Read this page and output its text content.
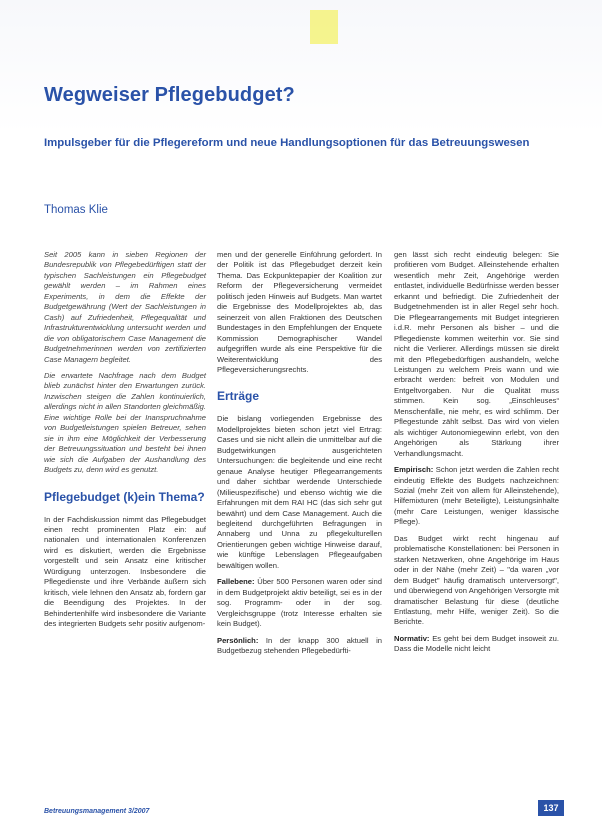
Wegweiser Pflegebudget?
Impulsgeber für die Pflegereform und neue Handlungsoptionen für das Betreuungswesen
Thomas Klie

Seit 2005 kann in sieben Regionen der Bundesrepublik von Pflegebedürftigen statt der typischen Sachleistungen ein Pflegebudget gewählt werden – im Rahmen eines Experiments, in dem die Effekte der Budgetgewährung (Wert der Sachleistungen in Cash) auf Zufriedenheit, Pflegequalität und Infrastrukturentwicklung untersucht werden und die von obligatorischem Case Management die Budgetnehmerinnen werden von zertifizierten Case Managern begleitet.

Die erwartete Nachfrage nach dem Budget blieb zunächst hinter den Erwartungen zurück. Inzwischen steigen die Zahlen kontinuierlich, allerdings nicht in allen Standorten gleichmäßig. Eine wichtige Rolle bei der Inanspruchnahme von Budgetleistungen spielen Betreuer, sehen sie in ihm eine Möglichkeit der Verbesserung der Betreuungssituation und besteht bei ihnen wie sich die Aufgaben der Aushandlung des Budgets zu, denn wird es genutzt.

Pflegebudget (k)ein Thema?

In der Fachdiskussion nimmt das Pflegebudget einen recht prominenten Platz ein: auf nationalen und internationalen Konferenzen wird es diskutiert, werden die Ergebnisse vorgestellt und sein Ansatz eine kritischer Würdigung unterzogen. Insbesondere die Pflegedienste und ihre Verbände äußern sich kritisch, viele lehnen den Ansatz ab, fordern gar die Beendigung des Projektes. In der Behindertenhilfe wird insbesondere die Variante des integrierten Budgets sehr positiv aufgenom-

men und der generelle Einführung gefordert. In der Politik ist das Pflegebudget derzeit kein Thema. Das Eckpunktepapier der Koalition zur Reform der Pflegeversicherung vermeidet politisch jeden Hinweis auf Budgets. Man wartet die Ergebnisse des Modellprojektes ab, das seinerzeit von allen Fraktionen des Deutschen Bundestages in den Empfehlungen der Enquete Kommission Demographischer Wandel aufgegriffen wurde als eine Perspektive für die Weiterentwicklung des Pflegeversicherungsrechts.

Erträge

Die bislang vorliegenden Ergebnisse des Modellprojektes bieten schon jetzt viel Ertrag: Cases und sie nicht allein die unmittelbar auf die Budgetwirkungen ausgerichteten Untersuchungen: die begleitende und eine recht genaue Analyse heutiger Pflegearrangements und daher sichtbar werdende Unterschiede (Milieuspezifische) und ebenso wichtig wie die Erfahrungen mit dem RAI HC (das sich sehr gut bewährt) und dem Case Management. Auch die begleitend durchgeführten Befragungen in Annaberg und Unna zu pflegekulturellen Orientierungen geben wichtige Hinweise darauf, wie künftige Lebenslagen Pflegeaufgaben bewältigen wollen.

Fallebene: Über 500 Personen waren oder sind in dem Budgetprojekt aktiv beteiligt, sei es in der sog. Programm- oder in der sog. Vergleichsgruppe (trotz Interesse erhalten sie kein Budget).

Persönlich: In der knapp 300 aktuell in Budgetbezug stehenden Pflegebedürfti-

gen lässt sich recht eindeutig belegen: Sie profitieren vom Budget. Alleinstehende erhalten wesentlich mehr Zeit, Angehörige werden entlastet, individuelle Bedürfnisse werden besser erkannt und befriedigt. Die Zufriedenheit der Budgetnehmenden ist in aller Regel sehr hoch. Die Pflegearrangements mit Budget integrieren i.d.R. mehr Personen als bisher – und die Pflegedienste kommen weiterhin vor. Sie sind nicht die Verlierer. Allerdings müssen sie direkt mit den Pflegebedürftigen aushandeln, welche Leistungen zu welchem Preis wann und wie erbracht werden: befreit von Modulen und Entgeltvorgaben. Nur die Qualität muss stimmen. Kein sog. „Einschleuses“ Menschenfälle, nie mehr, es wird schlimm. Der Pflegestunde zählt selbst. Das wird von vielen als wichtiger Autonomiegewinn erlebt, von den Angehörigen als Stärkung ihrer Verhandlungsmacht.

Empirisch: Schon jetzt werden die Zahlen recht eindeutig Effekte des Budgets nachzeichnen: Sozial (mehr Zeit von allem für Alleinstehende), Hilfemixturen (mehr Beteiligte), Leistungsinhalte (mehr Care Leistungen, weniger klassische Pflege).

Das Budget wirkt recht hingenau auf problematische Konstellationen: bei Personen in starken Netzwerken, ohne Angehörige im Haus oder in der Nähe (mehr Zeit) – "da waren „vor dem Budget" häufig dramatisch unterversorgt", und überwiegend von Angehörigen Versorgte mit dramatischer Belastung für diese (deutliche Entlastung, mehr Hilfe, weniger Zeit). So die Berichte.

Normativ: Es geht bei dem Budget insoweit zu. Dass die Modelle nicht leicht

Betreuungsmanagement 3/2007	137
